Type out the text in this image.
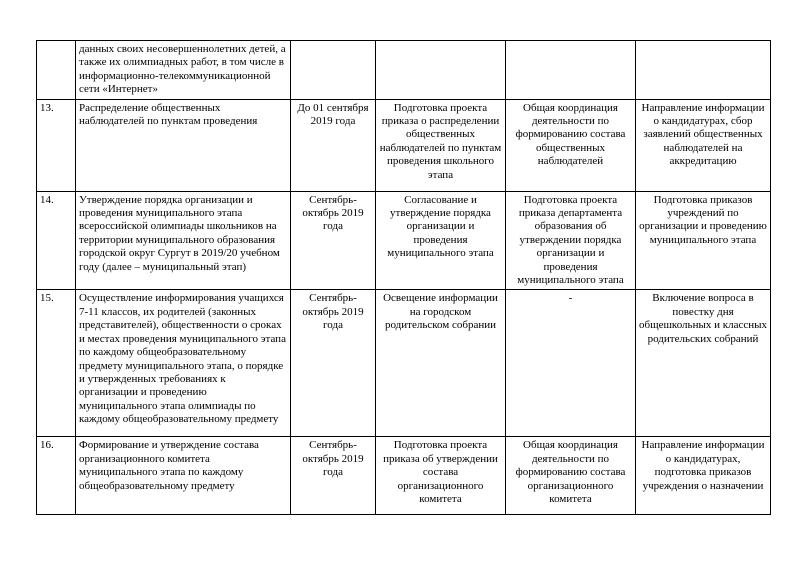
	данных своих несовершеннолетних детей, а также их олимпиадных работ, в том числе в информационно-телекоммуникационной сети «Интернет»				
13.	Распределение общественных наблюдателей по пунктам проведения	До 01 сентября 2019 года	Подготовка проекта приказа о распределении общественных наблюдателей по пунктам проведения школьного этапа	Общая координация деятельности по формированию состава общественных наблюдателей	Направление информации о кандидатурах, сбор заявлений общественных наблюдателей на аккредитацию
14.	Утверждение порядка организации и проведения муниципального этапа всероссийской олимпиады школьников на территории муниципального образования городской округ Сургут в 2019/20 учебном году (далее – муниципальный этап)	Сентябрь-октябрь 2019 года	Согласование и утверждение порядка организации и проведения муниципального этапа	Подготовка проекта приказа департамента образования об утверждении порядка организации и проведения муниципального этапа	Подготовка приказов учреждений по организации и проведению муниципального этапа
15.	Осуществление информирования учащихся 7-11 классов, их родителей (законных представителей), общественности о сроках и местах проведения муниципального этапа по каждому общеобразовательному предмету муниципального этапа, о порядке и утвержденных требованиях к организации и проведению муниципального этапа олимпиады по каждому общеобразовательному предмету	Сентябрь-октябрь 2019 года	Освещение информации на городском родительском собрании	-	Включение вопроса в повестку дня общешкольных и классных родительских собраний
16.	Формирование и утверждение состава организационного комитета муниципального этапа по каждому общеобразовательному предмету	Сентябрь-октябрь 2019 года	Подготовка проекта приказа об утверждении состава организационного комитета	Общая координация деятельности по формированию состава организационного комитета	Направление информации о кандидатурах, подготовка приказов учреждения о назначении
